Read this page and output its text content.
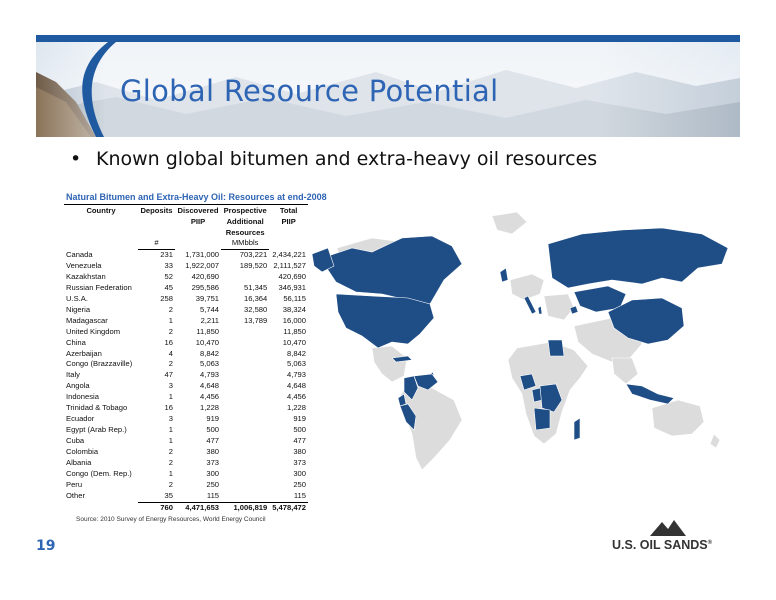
Global Resource Potential
• Known global bitumen and extra-heavy oil resources
Natural Bitumen and Extra-Heavy Oil: Resources at end-2008
Country	Deposits	Discovered	Prospective	Total
		PIIP	Additional	PIIP
			Resources	
	#		MMbbls	
Canada	231	1,731,000	703,221	2,434,221
Venezuela	33	1,922,007	189,520	2,111,527
Kazakhstan	52	420,690		420,690
Russian Federation	45	295,586	51,345	346,931
U.S.A.	258	39,751	16,364	56,115
Nigeria	2	5,744	32,580	38,324
Madagascar	1	2,211	13,789	16,000
United Kingdom	2	11,850		11,850
China	16	10,470		10,470
Azerbaijan	4	8,842		8,842
Congo (Brazzaville)	2	5,063		5,063
Italy	47	4,793		4,793
Angola	3	4,648		4,648
Indonesia	1	4,456		4,456
Trinidad & Tobago	16	1,228		1,228
Ecuador	3	919		919
Egypt (Arab Rep.)	1	500		500
Cuba	1	477		477
Colombia	2	380		380
Albania	2	373		373
Congo (Dem. Rep.)	1	300		300
Peru	2	250		250
Other	35	115		115
	760	4,471,653	1,006,819	5,478,472
Source: 2010 Survey of Energy Resources, World Energy Council
19	U.S. OIL SANDS®
